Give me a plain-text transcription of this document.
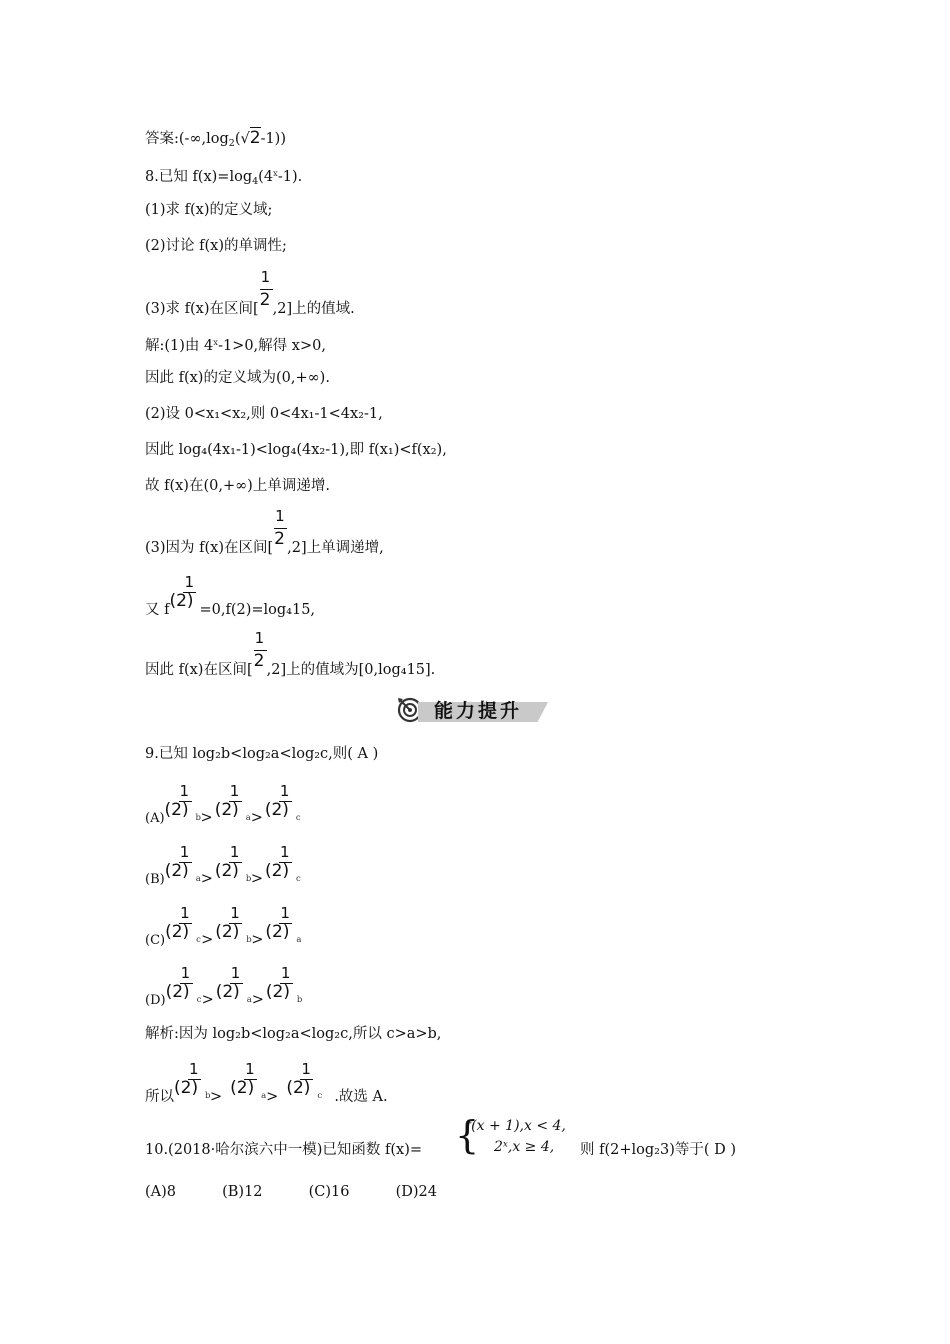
答案$:(-\infty,\log_2(√2-1))$
8.已知 $f(x)=\log_4(4^x-1)$.
(1)求 f(x)的定义域;
(2)讨论 f(x)的单调性;
(3)求 f(x)在区间[ $\frac{1}{2} ,2$]上的值域.
解:(1)由 $4^x-1>0$,解得 x>0,
因此 f(x)的定义域为(0,+∞).
(2)设 0<x₁<x₂,则 0<4x₁-1<4x₂-1,
因此 log₄(4x₁-1)<log₄(4x₂-1),即 f(x₁)<f(x₂),
故 f(x)在(0,+∞)上单调递增.
(3)因为 f(x)在区间[ $\frac{1}{2} ,2$]上单调递增,
又 f (2)
1
=0,f(2)=log₄15,
因此 f(x)在区间[ $\frac{1}{2} ,2$]上的值域为[0,log₄15].
能力提升
9.已知 log₂b<log₂a<log₂c,则( A )
(A) (2)
1
b > (2)
1
a > (2)
1
c
(B) (2)
1
a > (2)
1
b > (2)
1
c
(C) (2)
1
c > (2)
1
b > (2)
1
a
(D) (2)
1
c > (2)
1
a > (2)
1
b
解析:因为 log₂b<log₂a<log₂c,所以 c>a>b,
所以 (2)
1
b > (2)
1
a > (2)
1
c .故选 A.
10.(2018·哈尔滨六中一模)已知函数 f(x)= {
f(x + 1),x < 4,
2ˣ,x ≥ 4,	则 f(2+log₂3)等于( D )
(A)8          (B)12          (C)16          (D)24
